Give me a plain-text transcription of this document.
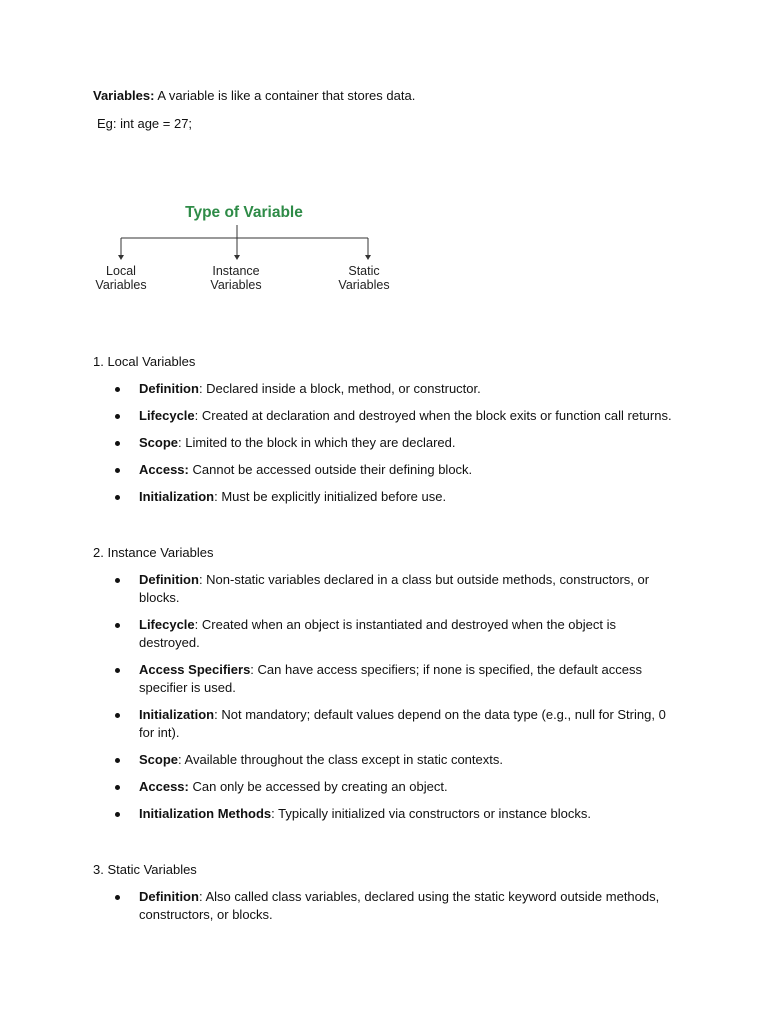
Variables: A variable is like a container that stores data.
Eg: int age = 27;
Type of Variable
Local
Variables
Instance
Variables
Static
Variables
1. Local Variables
Definition: Declared inside a block, method, or constructor.
Lifecycle: Created at declaration and destroyed when the block exits or function call returns.
Scope: Limited to the block in which they are declared.
Access: Cannot be accessed outside their defining block.
Initialization: Must be explicitly initialized before use.
2. Instance Variables
Definition: Non-static variables declared in a class but outside methods, constructors, or blocks.
Lifecycle: Created when an object is instantiated and destroyed when the object is destroyed.
Access Specifiers: Can have access specifiers; if none is specified, the default access specifier is used.
Initialization: Not mandatory; default values depend on the data type (e.g., null for String, 0 for int).
Scope: Available throughout the class except in static contexts.
Access: Can only be accessed by creating an object.
Initialization Methods: Typically initialized via constructors or instance blocks.
3. Static Variables
Definition: Also called class variables, declared using the static keyword outside methods, constructors, or blocks.
